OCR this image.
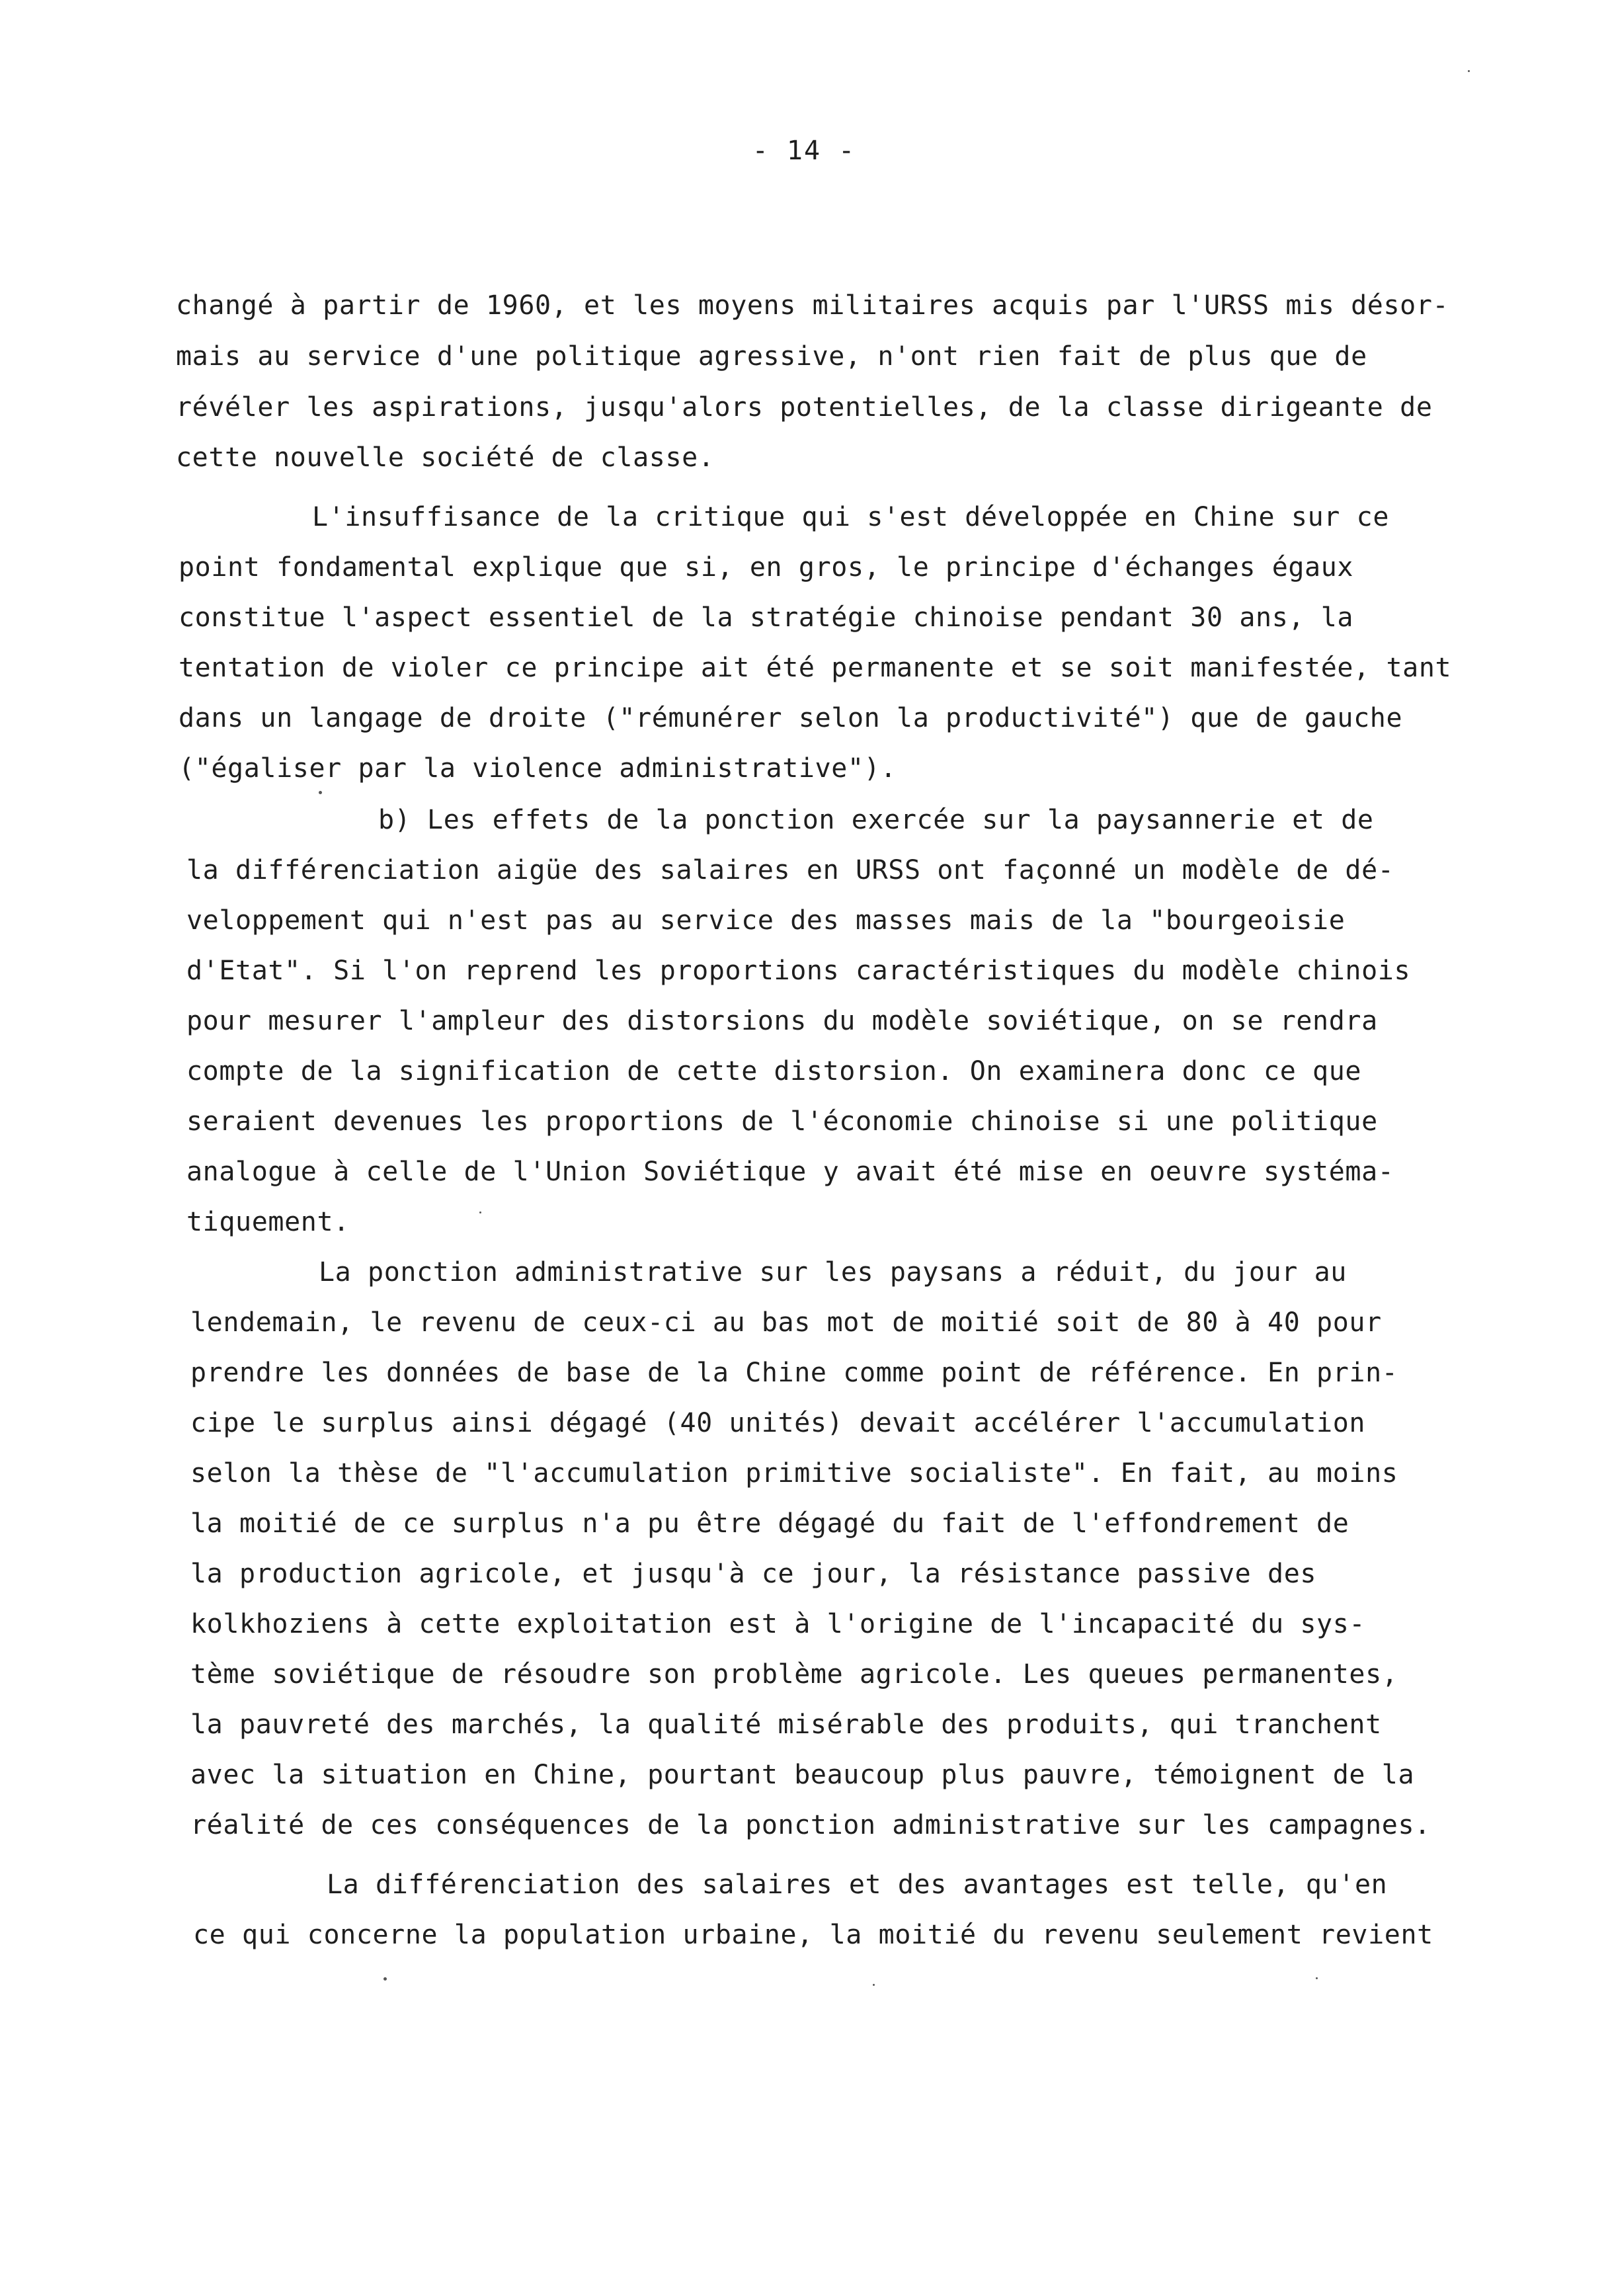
- 14 -
changé à partir de 1960, et les moyens militaires acquis par l'URSS mis désor-
mais au service d'une politique agressive, n'ont rien fait de plus que de
révéler les aspirations, jusqu'alors potentielles, de la classe dirigeante de
cette nouvelle société de classe.
L'insuffisance de la critique qui s'est développée en Chine sur ce
point fondamental explique que si, en gros, le principe d'échanges égaux
constitue l'aspect essentiel de la stratégie chinoise pendant 30 ans, la
tentation de violer ce principe ait été permanente et se soit manifestée, tant
dans un langage de droite ("rémunérer selon la productivité") que de gauche
("égaliser par la violence administrative").
b) Les effets de la ponction exercée sur la paysannerie et de
la différenciation aigüe des salaires en URSS ont façonné un modèle de dé-
veloppement qui n'est pas au service des masses mais de la "bourgeoisie
d'Etat". Si l'on reprend les proportions caractéristiques du modèle chinois
pour mesurer l'ampleur des distorsions du modèle soviétique, on se rendra
compte de la signification de cette distorsion. On examinera donc ce que
seraient devenues les proportions de l'économie chinoise si une politique
analogue à celle de l'Union Soviétique y avait été mise en oeuvre systéma-
tiquement.
La ponction administrative sur les paysans a réduit, du jour au
lendemain, le revenu de ceux-ci au bas mot de moitié soit de 80 à 40 pour
prendre les données de base de la Chine comme point de référence. En prin-
cipe le surplus ainsi dégagé (40 unités) devait accélérer l'accumulation
selon la thèse de "l'accumulation primitive socialiste". En fait, au moins
la moitié de ce surplus n'a pu être dégagé du fait de l'effondrement de
la production agricole, et jusqu'à ce jour, la résistance passive des
kolkhoziens à cette exploitation est à l'origine de l'incapacité du sys-
tème soviétique de résoudre son problème agricole. Les queues permanentes,
la pauvreté des marchés, la qualité misérable des produits, qui tranchent
avec la situation en Chine, pourtant beaucoup plus pauvre, témoignent de la
réalité de ces conséquences de la ponction administrative sur les campagnes.
La différenciation des salaires et des avantages est telle, qu'en
ce qui concerne la population urbaine, la moitié du revenu seulement revient
